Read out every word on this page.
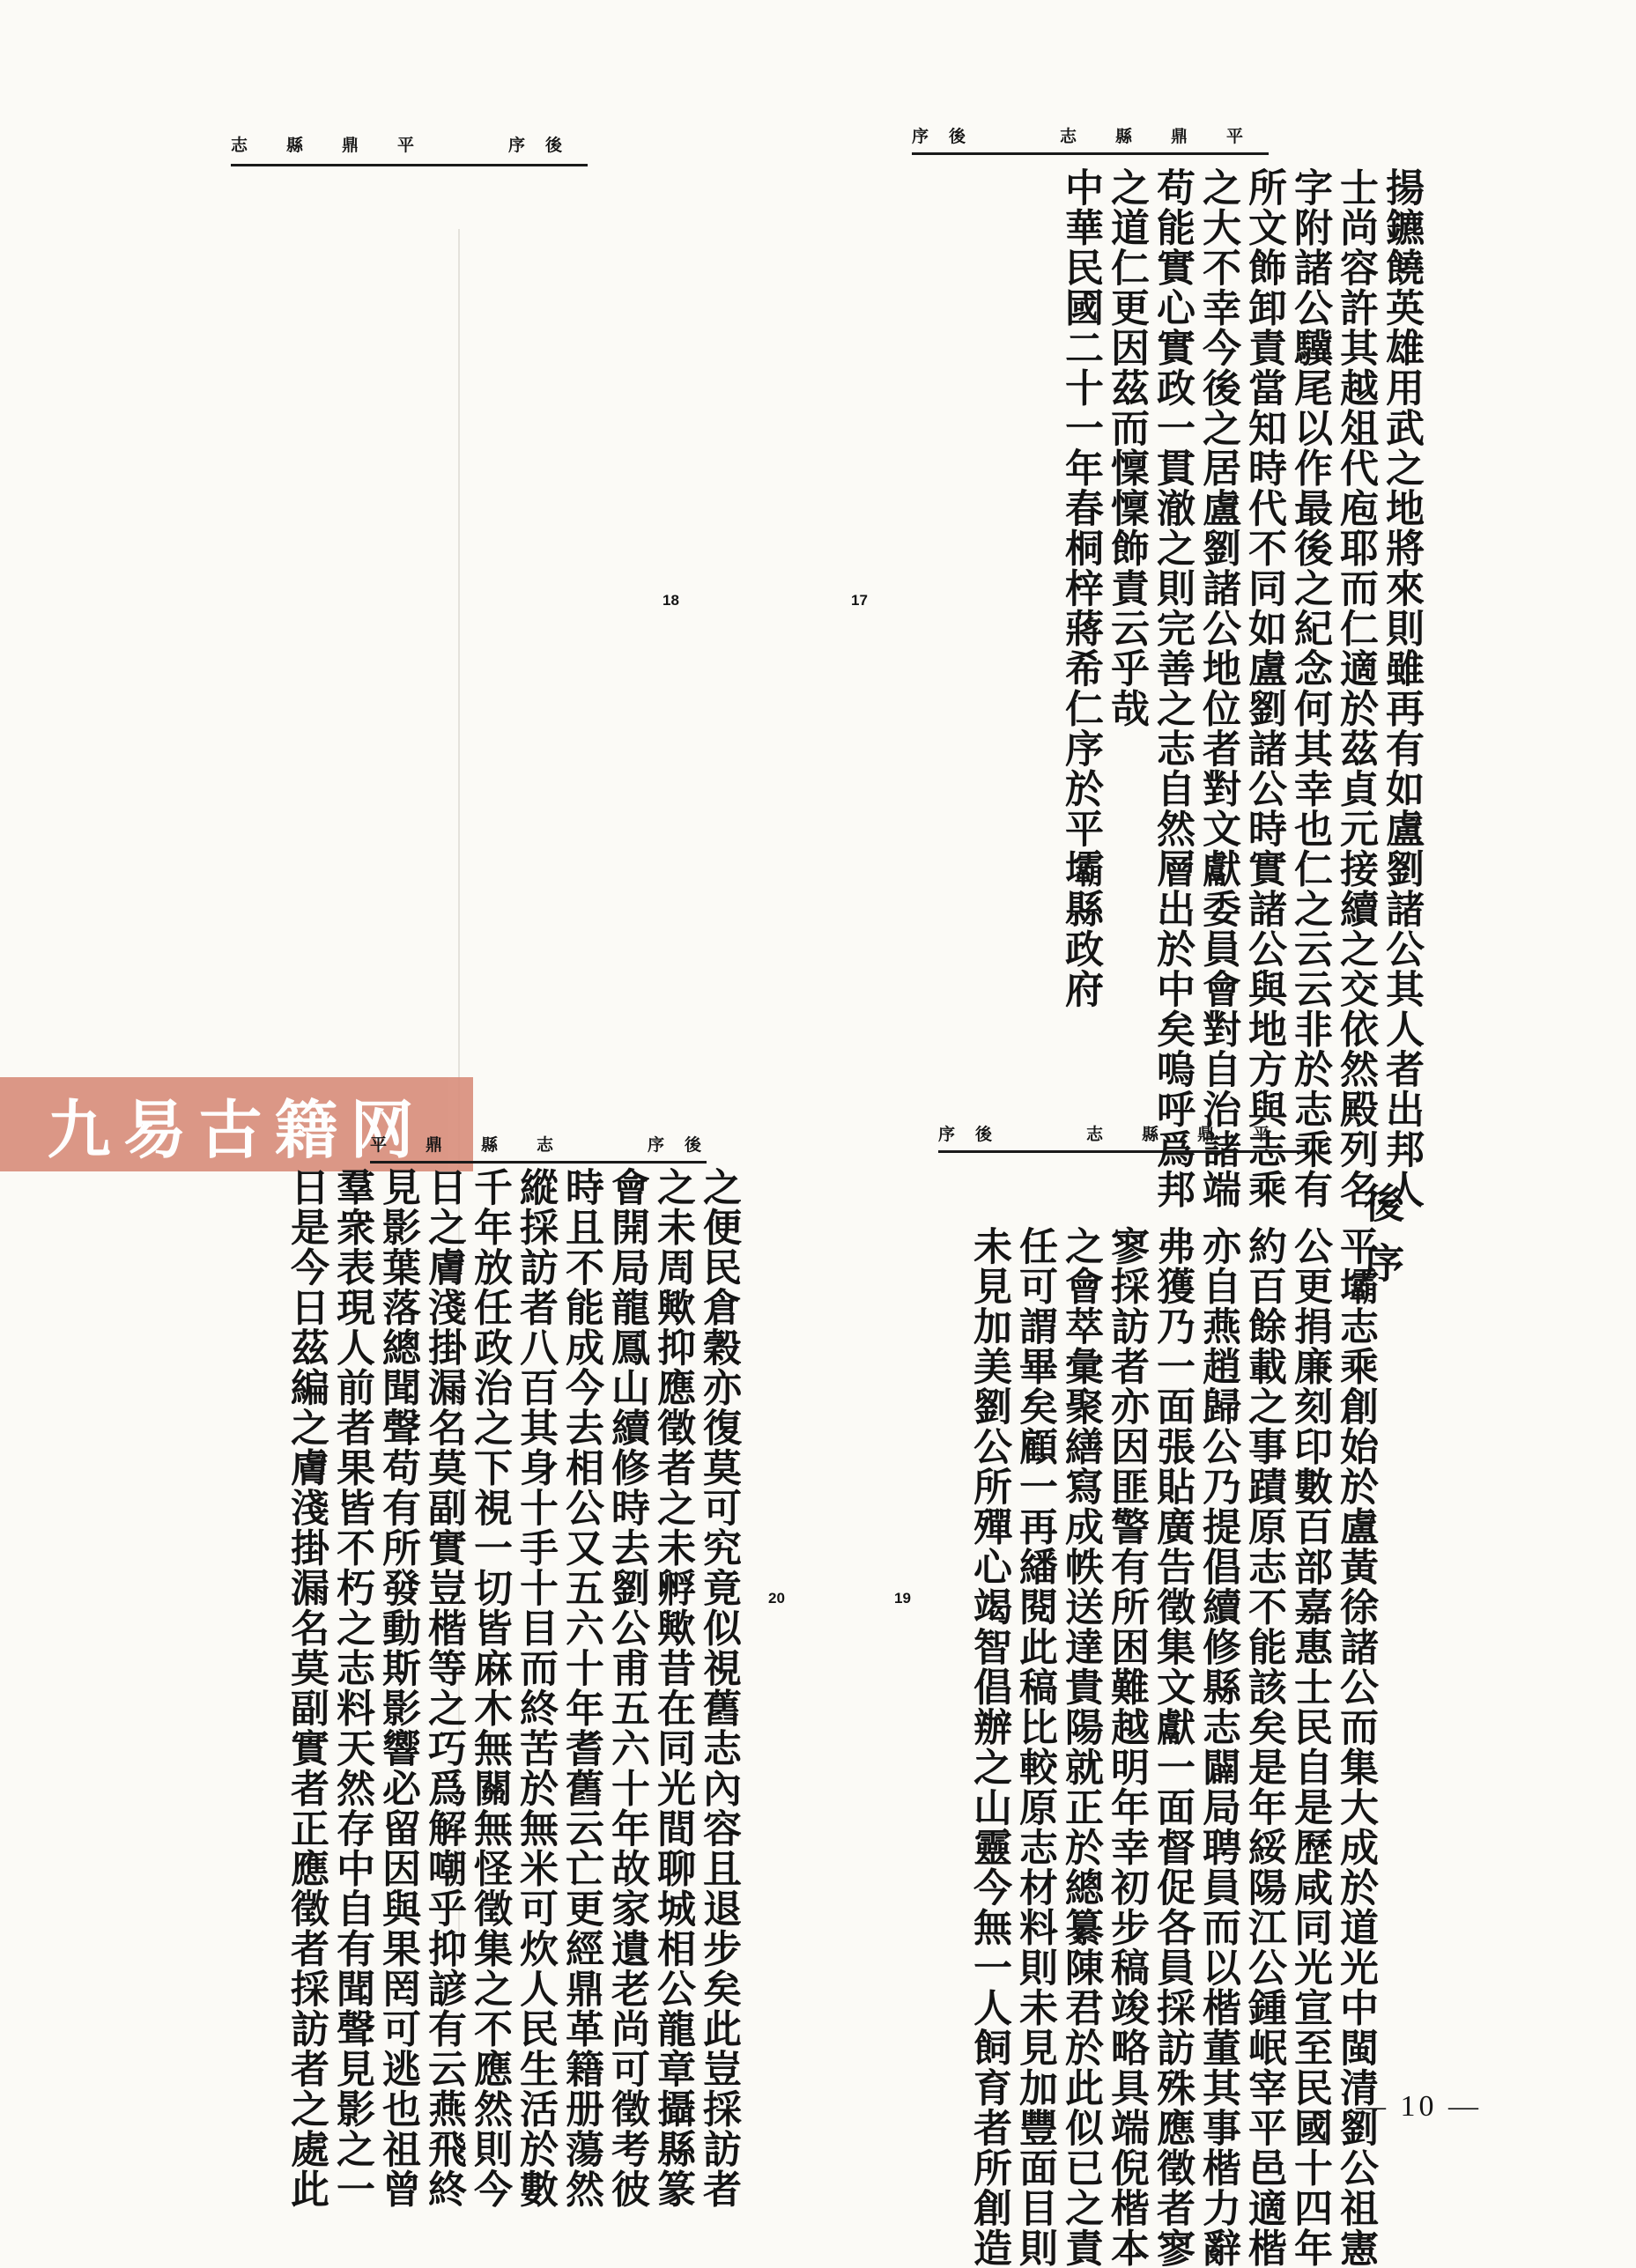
志　　縣　　鼎　　平　　　　　序　後
18
序　後　　　　　志　　縣　　鼎　　平
17	揚鑣饒英雄用武之地將來則雖再有如盧劉諸公其人者出邦人
士尚容許其越俎代庖耶而仁適於茲貞元接續之交依然殿列名
字附諸公驥尾以作最後之紀念何其幸也仁之云云非於志乘有
所文飾卸責當知時代不同如盧劉諸公時實諸公與地方與志乘
之大不幸今後之居盧劉諸公地位者對文獻委員會對自治諸端
苟能實心實政一貫澈之則完善之志自然層出於中矣嗚呼爲邦
之道仁更因茲而懍懍飾責云乎哉
中華民國二十一年春桐梓蔣希仁序於平壩縣政府
九易古籍网
平　　鼎　　縣　　志　　　　　序　後
20
之便民倉穀亦復莫可究竟似視舊志內容且退步矣此豈採訪者
之未周歟抑應徵者之未孵歟昔在同光間聊城相公龍章攝縣篆
會開局龍鳳山續修時去劉公甫五六十年故家遺老尚可徵考彼
時且不能成今去相公又五六十年耆舊云亡更經鼎革籍册蕩然
縱採訪者八百其身十手十目而終苦於無米可炊人民生活於數
千年放任政治之下視一切皆麻木無關無怪徵集之不應然則今
日之膚淺掛漏名莫副實豈楷等之巧爲解嘲乎抑諺有云燕飛終
見影葉落總聞聲苟有所發動斯影響必留因與果罔可逃也祖曾
羣衆表現人前者果皆不朽之志料天然存中自有聞聲見影之一
日是今日茲編之膚淺掛漏名莫副實者正應徵者採訪者之處此
序　後　　　　　志　　縣　　鼎　　平
19
後序
平壩志乘創始於盧黃徐諸公而集大成於道光中閩清劉公祖憲
公更捐廉刻印數百部嘉惠士民自是歷咸同光宣至民國十四年
約百餘載之事蹟原志不能該矣是年綏陽江公鍾岷宰平邑適楷
亦自燕趙歸公乃提倡續修縣志闢局聘員而以楷董其事楷力辭
弗獲乃一面張貼廣告徵集文獻一面督促各員採訪殊應徵者寥
寥採訪者亦因匪警有所困難越明年幸初步稿竣略具端倪楷本
之會萃彙聚繕寫成帙送達貴陽就正於總纂陳君於此似已之責
任可謂畢矣顧一再繙閱此稿比較原志材料則未見加豐面目則
未見加美劉公所殫心竭智倡辦之山靈今無一人飼育者所創造	— 10 —
